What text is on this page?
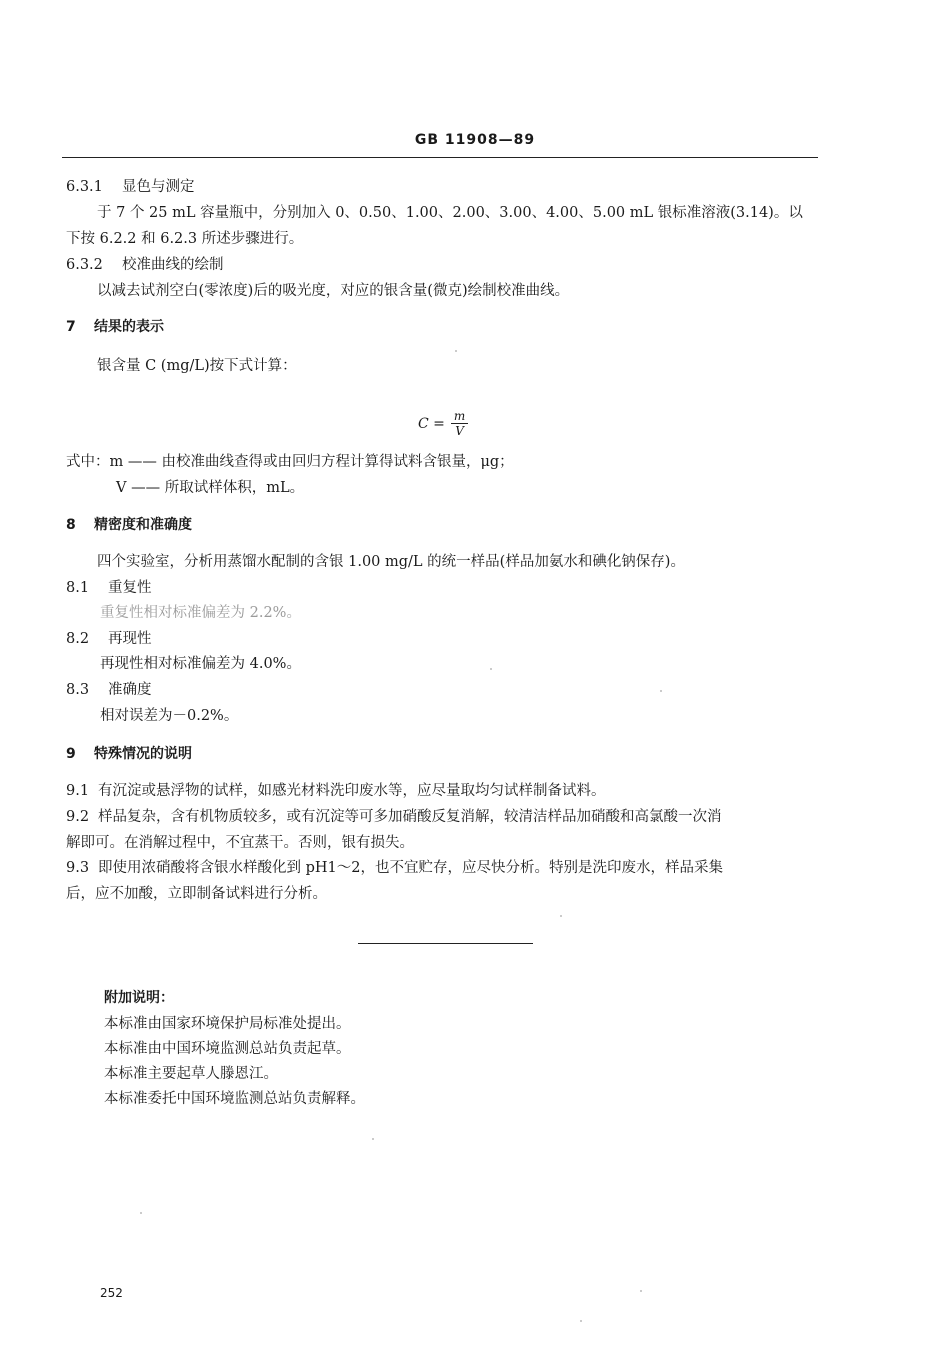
GB 11908—89
6.3.1 显色与测定
于 7 个 25 mL 容量瓶中，分别加入 0、0.50、1.00、2.00、3.00、4.00、5.00 mL 银标准溶液(3.14)。以
下按 6.2.2 和 6.2.3 所述步骤进行。
6.3.2 校准曲线的绘制
以减去试剂空白(零浓度)后的吸光度，对应的银含量(微克)绘制校准曲线。
7 结果的表示
银含量 C (mg/L)按下式计算：
$C = \frac{m}{V}$
式中：m —— 由校准曲线查得或由回归方程计算得试料含银量，μg；
V —— 所取试样体积，mL。
8 精密度和准确度
四个实验室，分析用蒸馏水配制的含银 1.00 mg/L 的统一样品(样品加氨水和碘化钠保存)。
8.1 重复性
重复性相对标准偏差为 2.2%。
8.2 再现性
再现性相对标准偏差为 4.0%。
8.3 准确度
相对误差为－0.2%。
9 特殊情况的说明
9.1 有沉淀或悬浮物的试样，如感光材料洗印废水等，应尽量取均匀试样制备试料。
9.2 样品复杂，含有机物质较多，或有沉淀等可多加硝酸反复消解，较清洁样品加硝酸和高氯酸一次消
解即可。在消解过程中，不宜蒸干。否则，银有损失。
9.3 即使用浓硝酸将含银水样酸化到 pH1～2，也不宜贮存，应尽快分析。特别是洗印废水，样品采集
后，应不加酸，立即制备试料进行分析。
附加说明：
本标准由国家环境保护局标准处提出。
本标准由中国环境监测总站负责起草。
本标准主要起草人滕恩江。
本标准委托中国环境监测总站负责解释。
252
